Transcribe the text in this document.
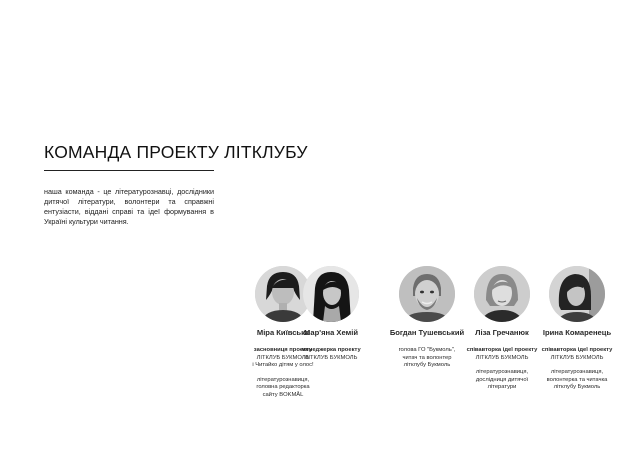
КОМАНДА ПРОЕКТУ ЛІТКЛУБУ
наша команда - це літературознавці, дослідники дитячої літератури, волонтери та справжні ентузіасти, віддані справі та ідеї формування в Україні культури читання.
Міра Київська
засновниця проекту
ЛІТКЛУБ БУКМОЛЬ
і Читайко дітям у олос!
літературознавиця,
головна редакторка
сайту BOKMÅL
Мар'яна Хемій
менеджерка проекту
ЛІТКЛУБ БУКМОЛЬ
Богдан Тушевський
голова ГО "Букмоль",
читач та волонтер
літклубу Букмоль
Ліза Гречанюк
співавторка ідеї проекту
ЛІТКЛУБ БУКМОЛЬ
літературознавиця,
дослідниця дитячої
літератури
Ірина Комаренець
співавторка ідеї проекту
ЛІТКЛУБ БУКМОЛЬ
літературознавиця,
волонтерка та читачка
літклубу Букмоль
